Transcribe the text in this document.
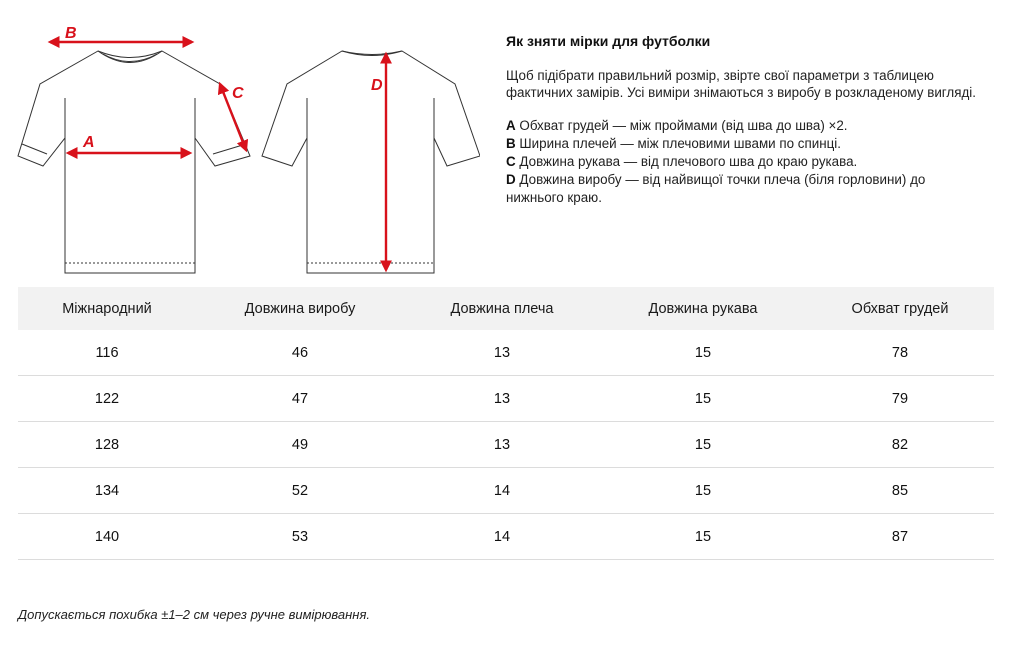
B
A
C	D
Як зняти мірки для футболки

Щоб підібрати правильний розмір, звірте свої параметри з таблицею фактичних замірів. Усі виміри знімаються з виробу в розкладеному вигляді.

A Обхват грудей — між проймами (від шва до шва) ×2.
B Ширина плечей — між плечовими швами по спинці.
C Довжина рукава — від плечового шва до краю рукава.
D Довжина виробу — від найвищої точки плеча (біля горловини) до нижнього краю.
Міжнародний	Довжина виробу	Довжина плеча	Довжина рукава	Обхват грудей
116	46	13	15	78
122	47	13	15	79
128	49	13	15	82
134	52	14	15	85
140	53	14	15	87
Допускається похибка ±1–2 см через ручне вимірювання.
